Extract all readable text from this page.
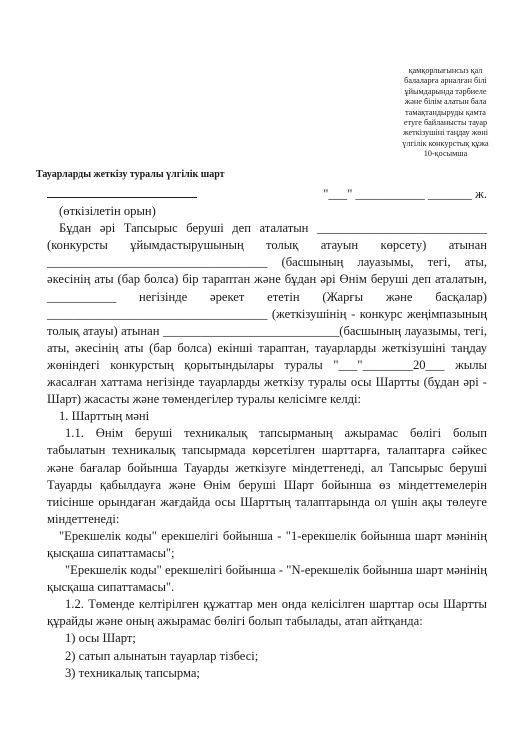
қамқорлығынсыз қал
балаларға арналған білі
ұйымдарында тәрбиеле
және білім алатын бала
тамақтандыруды қамта
етуге байланысты тауар
жеткізушіні таңдау жөні
үлгілік конкурстық құжа
10-қосымша
Тауарларды жеткізу туралы үлгілік шарт
"___" ___________ _______ ж.

(өткізілетін орын)

Бұдан әрі Тапсырыс беруші деп аталатын ___________________________ (конкурсты ұйымдастырушының толық атауын көрсету) атынан ___________________________________ (басшының лауазымы, тегі, аты, әкесінің аты (бар болса) бір тараптан және бұдан әрі Өнім беруші деп аталатын, ___________ негізінде әрекет ететін (Жарғы және басқалар) ___________________________________ (жеткізушінің - конкурс жеңімпазының толық атауы) атынан ____________________________(басшының лауазымы, тегі, аты, әкесінің аты (бар болса) екінші тараптан, тауарларды жеткізушіні таңдау жөніндегі конкурстың қорытындылары туралы "___"________20___ жылы жасалған хаттама негізінде тауарларды жеткізу туралы осы Шартты (бұдан әрі - Шарт) жасасты және төмендегілер туралы келісімге келді:

1. Шарттың мәні

1.1. Өнім беруші техникалық тапсырманың ажырамас бөлігі болып табылатын техникалық тапсырмада көрсетілген шарттарға, талаптарға сәйкес және бағалар бойынша Тауарды жеткізуге міндеттенеді, ал Тапсырыс беруші Тауарды қабылдауға және Өнім беруші Шарт бойынша өз міндеттемелерін тиісінше орындаған жағдайда осы Шарттың талаптарында ол үшін ақы төлеуге міндеттенеді:

"Ерекшелік коды" ерекшелігі бойынша - "1-ерекшелік бойынша шарт мәнінің қысқаша сипаттамасы";

"Ерекшелік коды" ерекшелігі бойынша - "N-ерекшелік бойынша шарт мәнінің қысқаша сипаттамасы".

1.2. Төменде келтірілген құжаттар мен онда келісілген шарттар осы Шартты құрайды және оның ажырамас бөлігі болып табылады, атап айтқанда:

1) осы Шарт;

2) сатып алынатын тауарлар тізбесі;

3) техникалық тапсырма;
